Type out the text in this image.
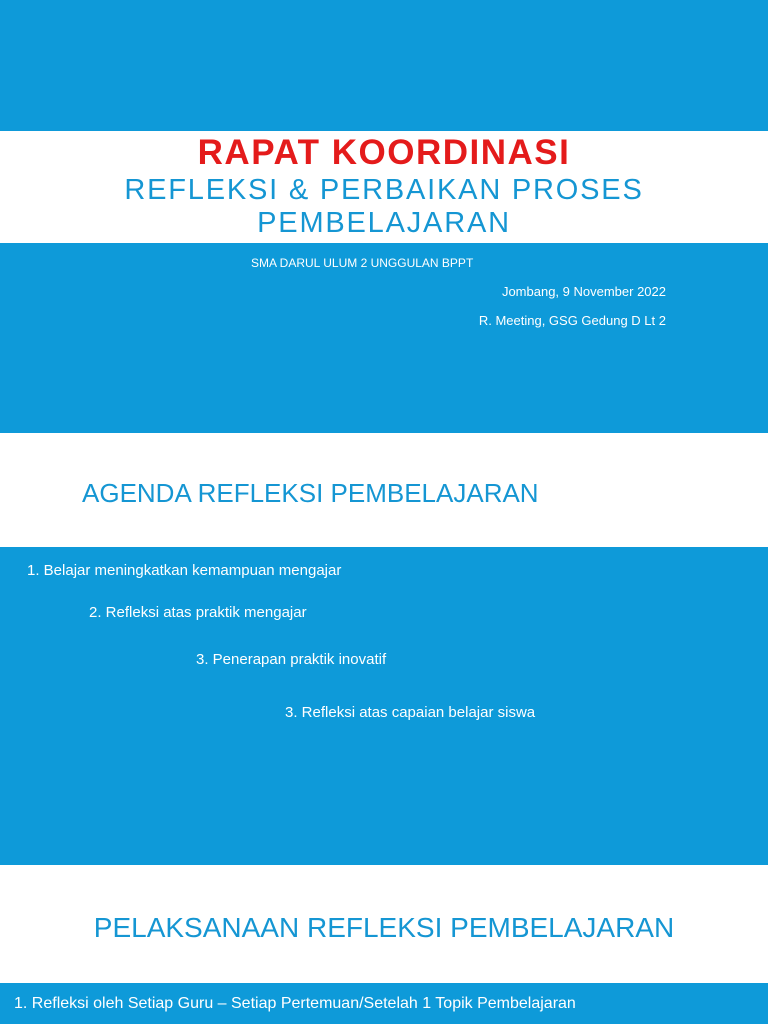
RAPAT KOORDINASI
REFLEKSI & PERBAIKAN PROSES
PEMBELAJARAN
SMA DARUL ULUM 2 UNGGULAN BPPT
Jombang, 9 November 2022
R. Meeting, GSG Gedung D Lt 2
AGENDA REFLEKSI PEMBELAJARAN
1. Belajar meningkatkan kemampuan mengajar
2. Refleksi atas praktik mengajar
3. Penerapan praktik inovatif
3. Refleksi atas capaian belajar siswa
PELAKSANAAN REFLEKSI PEMBELAJARAN
1. Refleksi oleh Setiap Guru – Setiap Pertemuan/Setelah 1 Topik Pembelajaran
